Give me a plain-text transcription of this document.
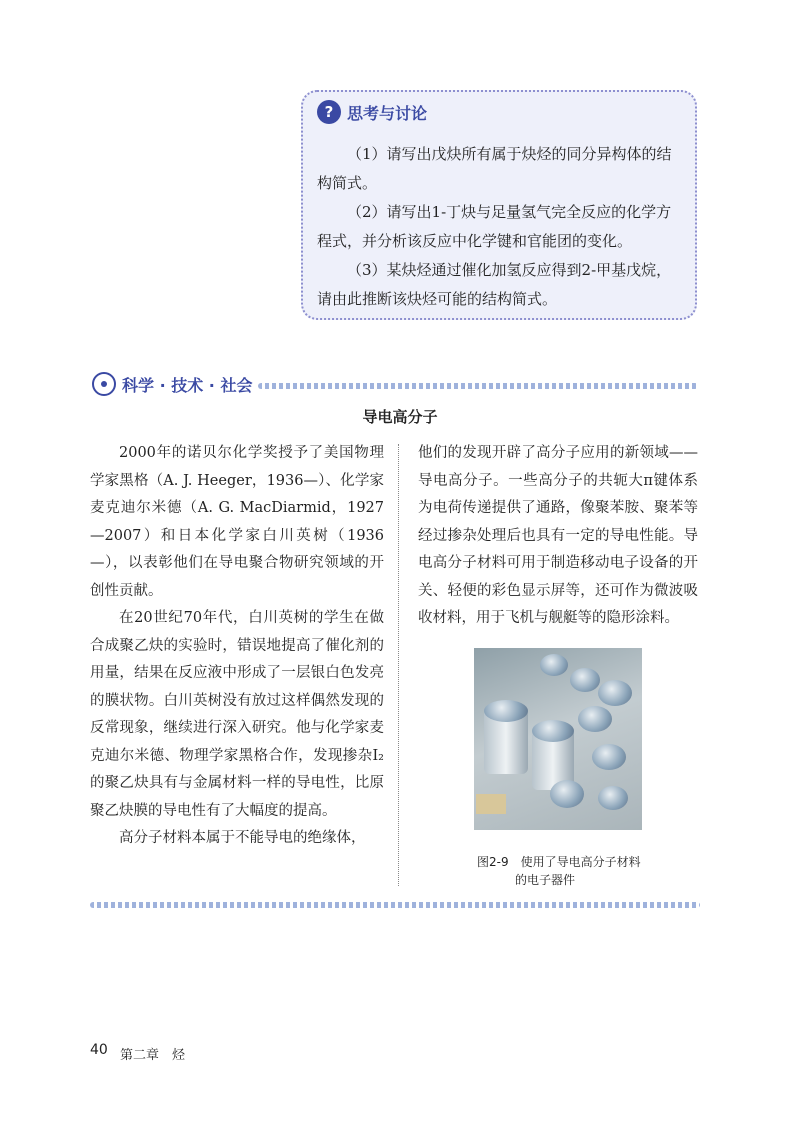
? 思考与讨论

（1）请写出戊炔所有属于炔烃的同分异构体的结构简式。

（2）请写出1-丁炔与足量氢气完全反应的化学方程式，并分析该反应中化学键和官能团的变化。

（3）某炔烃通过催化加氢反应得到2-甲基戊烷，请由此推断该炔烃可能的结构简式。

科学 · 技术 · 社会
导电高分子

2000年的诺贝尔化学奖授予了美国物理学家黑格（A. J. Heeger，1936—）、化学家麦克迪尔米德（A. G. MacDiarmid，1927—2007）和日本化学家白川英树（1936—），以表彰他们在导电聚合物研究领域的开创性贡献。

在20世纪70年代，白川英树的学生在做合成聚乙炔的实验时，错误地提高了催化剂的用量，结果在反应液中形成了一层银白色发亮的膜状物。白川英树没有放过这样偶然发现的反常现象，继续进行深入研究。他与化学家麦克迪尔米德、物理学家黑格合作，发现掺杂I₂的聚乙炔具有与金属材料一样的导电性，比原聚乙炔膜的导电性有了大幅度的提高。

高分子材料本属于不能导电的绝缘体，

他们的发现开辟了高分子应用的新领域——导电高分子。一些高分子的共轭大π键体系为电荷传递提供了通路，像聚苯胺、聚苯等经过掺杂处理后也具有一定的导电性能。导电高分子材料可用于制造移动电子设备的开关、轻便的彩色显示屏等，还可作为微波吸收材料，用于飞机与舰艇等的隐形涂料。

图2-9　使用了导电高分子材料
的电子器件
40 第二章　烃
